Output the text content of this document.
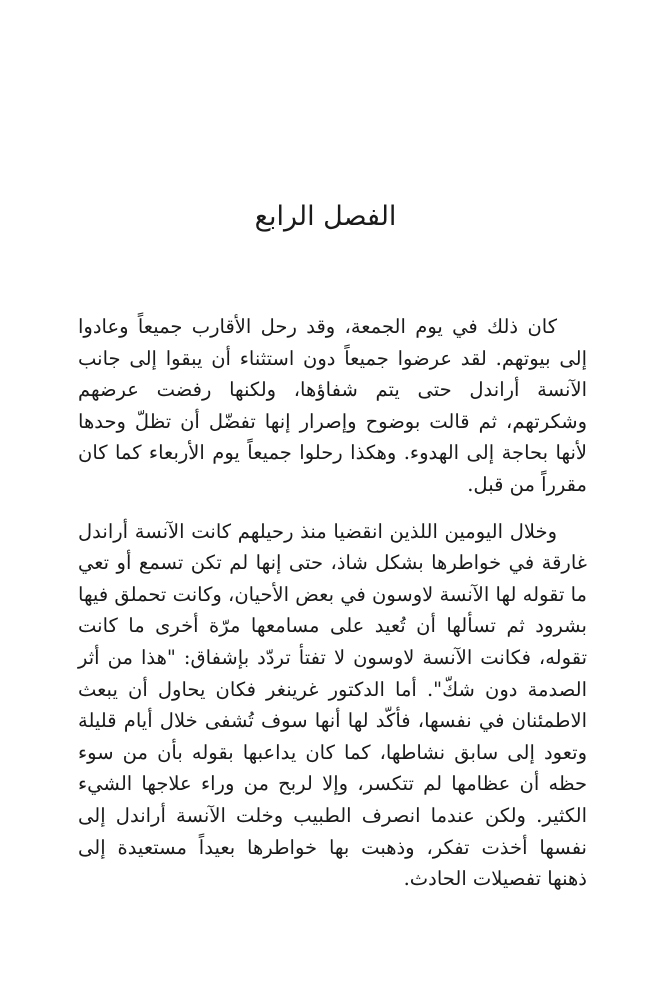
الفصل الرابع

كان ذلك في يوم الجمعة، وقد رحل الأقارب جميعاً وعادوا إلى بيوتهم. لقد عرضوا جميعاً دون استثناء أن يبقوا إلى جانب الآنسة أراندل حتى يتم شفاؤها، ولكنها رفضت عرضهم وشكرتهم، ثم قالت بوضوح وإصرار إنها تفضّل أن تظلّ وحدها لأنها بحاجة إلى الهدوء. وهكذا رحلوا جميعاً يوم الأربعاء كما كان مقرراً من قبل.

وخلال اليومين اللذين انقضيا منذ رحيلهم كانت الآنسة أراندل غارقة في خواطرها بشكل شاذ، حتى إنها لم تكن تسمع أو تعي ما تقوله لها الآنسة لاوسون في بعض الأحيان، وكانت تحملق فيها بشرود ثم تسألها أن تُعيد على مسامعها مرّة أخرى ما كانت تقوله، فكانت الآنسة لاوسون لا تفتأ تردّد بإشفاق: "هذا من أثر الصدمة دون شكّ". أما الدكتور غرينغر فكان يحاول أن يبعث الاطمئنان في نفسها، فأكّد لها أنها سوف تُشفى خلال أيام قليلة وتعود إلى سابق نشاطها، كما كان يداعبها بقوله بأن من سوء حظه أن عظامها لم تتكسر، وإلا لربح من وراء علاجها الشيء الكثير. ولكن عندما انصرف الطبيب وخلت الآنسة أراندل إلى نفسها أخذت تفكر، وذهبت بها خواطرها بعيداً مستعيدة إلى ذهنها تفصيلات الحادث.
